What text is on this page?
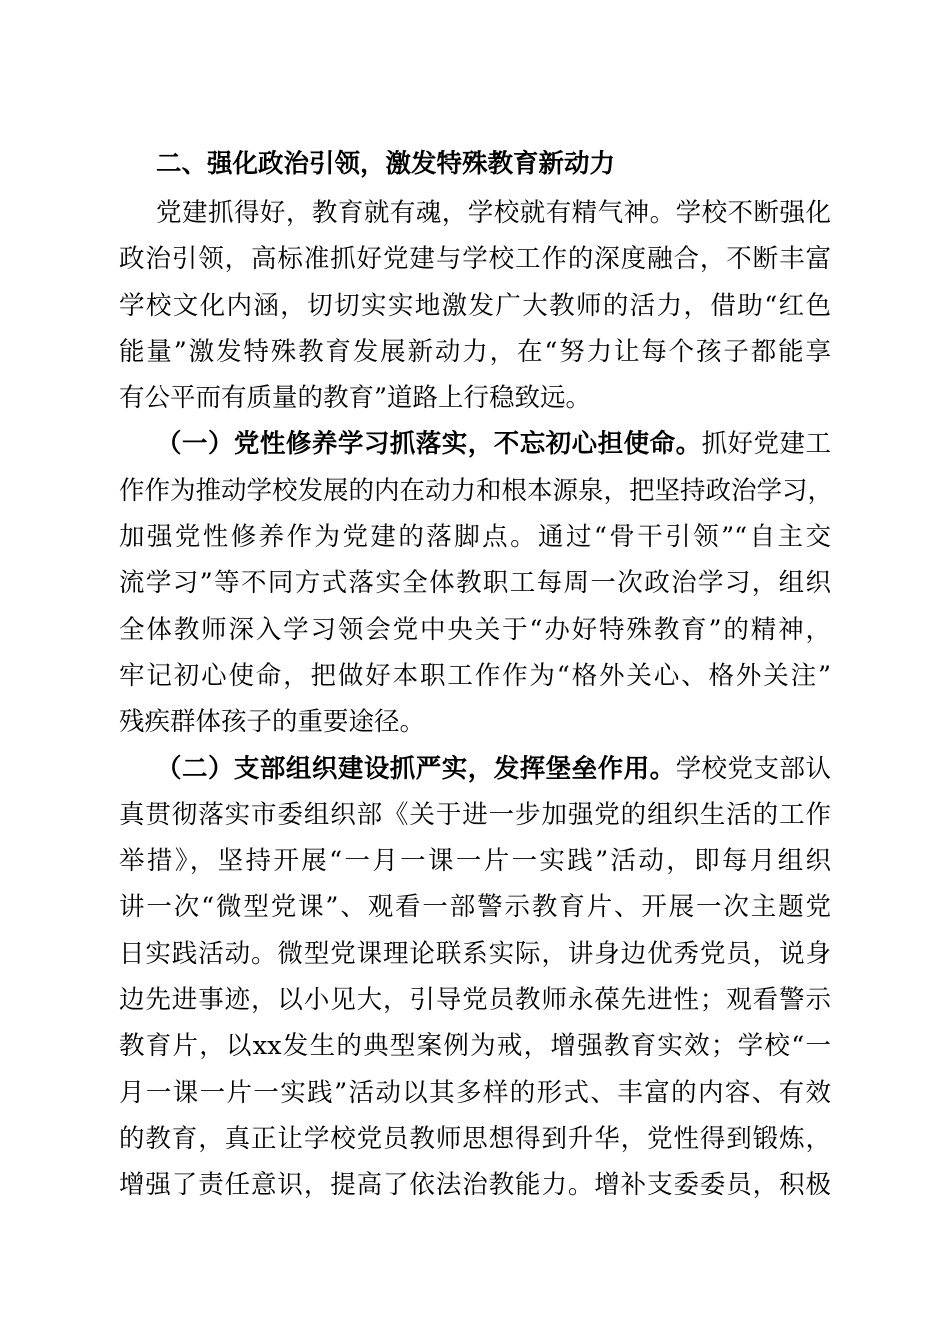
二、强化政治引领，激发特殊教育新动力
党建抓得好，教育就有魂，学校就有精气神。学校不断强化
政治引领，高标准抓好党建与学校工作的深度融合，不断丰富
学校文化内涵，切切实实地激发广大教师的活力，借助“红色
能量”激发特殊教育发展新动力，在“努力让每个孩子都能享
有公平而有质量的教育”道路上行稳致远。
（一）党性修养学习抓落实，不忘初心担使命。抓好党建工
作作为推动学校发展的内在动力和根本源泉，把坚持政治学习，
加强党性修养作为党建的落脚点。通过“骨干引领”“自主交
流学习”等不同方式落实全体教职工每周一次政治学习，组织
全体教师深入学习领会党中央关于“办好特殊教育”的精神，
牢记初心使命，把做好本职工作作为“格外关心、格外关注”
残疾群体孩子的重要途径。
（二）支部组织建设抓严实，发挥堡垒作用。学校党支部认
真贯彻落实市委组织部《关于进一步加强党的组织生活的工作
举措》，坚持开展“一月一课一片一实践”活动，即每月组织
讲一次“微型党课”、观看一部警示教育片、开展一次主题党
日实践活动。微型党课理论联系实际，讲身边优秀党员，说身
边先进事迹，以小见大，引导党员教师永葆先进性；观看警示
教育片，以xx发生的典型案例为戒，增强教育实效；学校“一
月一课一片一实践”活动以其多样的形式、丰富的内容、有效
的教育，真正让学校党员教师思想得到升华，党性得到锻炼，
增强了责任意识，提高了依法治教能力。增补支委委员，积极
